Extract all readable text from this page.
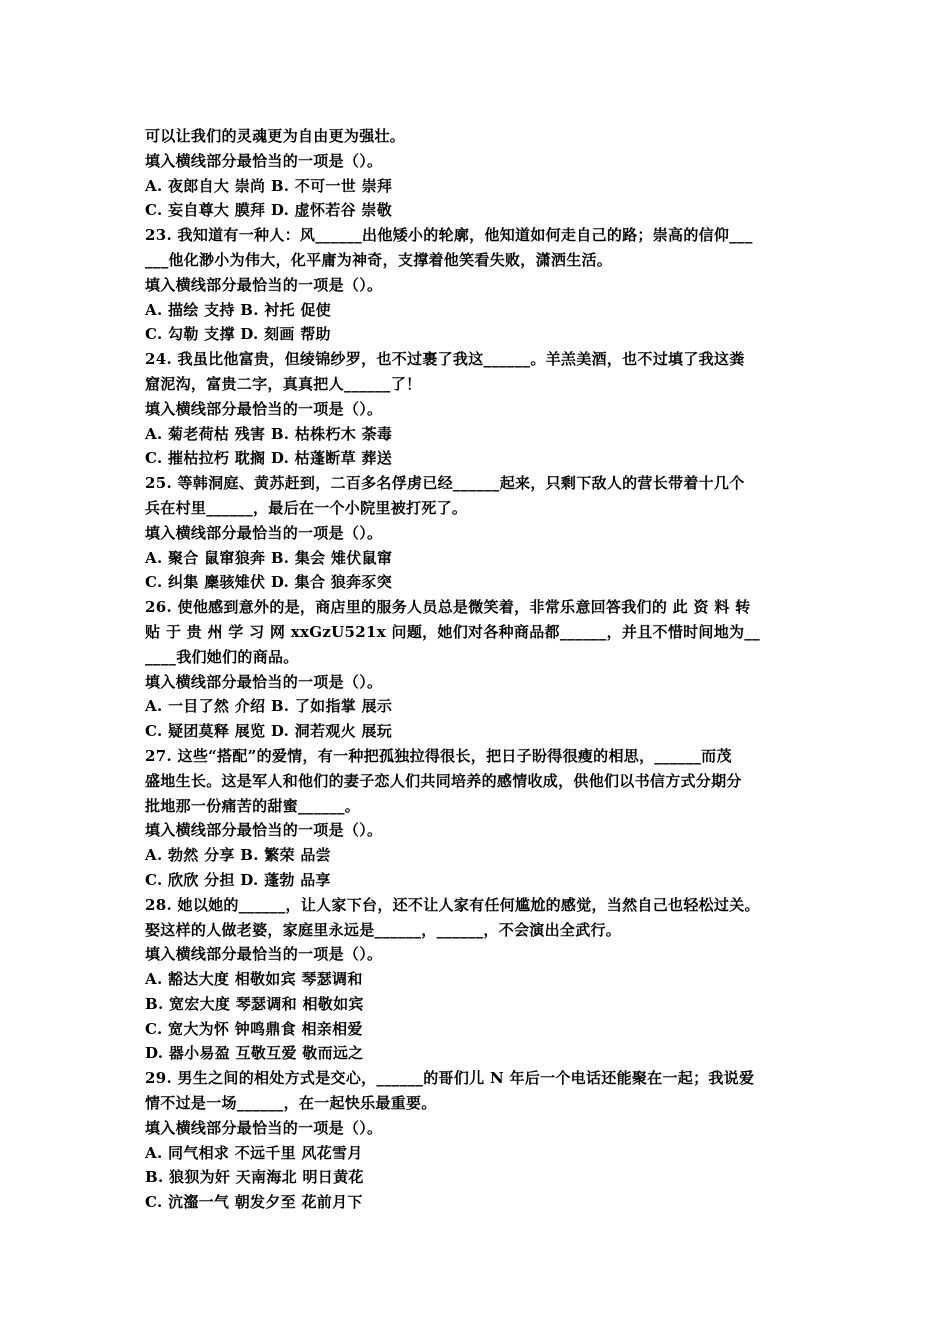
可以让我们的灵魂更为自由更为强壮。
填入横线部分最恰当的一项是（）。
A. 夜郎自大 崇尚 B. 不可一世 崇拜
C. 妄自尊大 膜拜 D. 虚怀若谷 崇敬
23. 我知道有一种人：风______出他矮小的轮廓，他知道如何走自己的路；崇高的信仰___
___他化渺小为伟大，化平庸为神奇，支撑着他笑看失败，潇洒生活。
填入横线部分最恰当的一项是（）。
A. 描绘 支持 B. 衬托 促使
C. 勾勒 支撑 D. 刻画 帮助
24. 我虽比他富贵，但绫锦纱罗，也不过裹了我这______。羊羔美酒，也不过填了我这粪
窟泥沟，富贵二字，真真把人______了！
填入横线部分最恰当的一项是（）。
A. 菊老荷枯 残害 B. 枯株朽木 荼毒
C. 摧枯拉朽 耽搁 D. 枯蓬断草 葬送
25. 等韩洞庭、黄苏赶到，二百多名俘虏已经______起来，只剩下敌人的营长带着十几个
兵在村里______，最后在一个小院里被打死了。
填入横线部分最恰当的一项是（）。
A. 聚合 鼠窜狼奔 B. 集会 雉伏鼠窜
C. 纠集 麇骇雉伏 D. 集合 狼奔豕突
26. 使他感到意外的是，商店里的服务人员总是微笑着，非常乐意回答我们的 此 资 料 转
贴 于 贵 州 学 习 网 xxGzU521x 问题，她们对各种商品都______，并且不惜时间地为__
____我们她们的商品。
填入横线部分最恰当的一项是（）。
A. 一目了然 介绍 B. 了如指掌 展示
C. 疑团莫释 展览 D. 洞若观火 展玩
27. 这些“搭配”的爱情，有一种把孤独拉得很长，把日子盼得很瘦的相思，______而茂
盛地生长。这是军人和他们的妻子恋人们共同培养的感情收成，供他们以书信方式分期分
批地那一份痛苦的甜蜜______。
填入横线部分最恰当的一项是（）。
A. 勃然 分享 B. 繁荣 品尝
C. 欣欣 分担 D. 蓬勃 品享
28. 她以她的______，让人家下台，还不让人家有任何尴尬的感觉，当然自己也轻松过关。
娶这样的人做老婆，家庭里永远是______，______，不会演出全武行。
填入横线部分最恰当的一项是（）。
A. 豁达大度 相敬如宾 琴瑟调和
B. 宽宏大度 琴瑟调和 相敬如宾
C. 宽大为怀 钟鸣鼎食 相亲相爱
D. 器小易盈 互敬互爱 敬而远之
29. 男生之间的相处方式是交心，______的哥们儿 N 年后一个电话还能聚在一起；我说爱
情不过是一场______，在一起快乐最重要。
填入横线部分最恰当的一项是（）。
A. 同气相求 不远千里 风花雪月
B. 狼狈为奸 天南海北 明日黄花
C. 沆瀣一气 朝发夕至 花前月下
